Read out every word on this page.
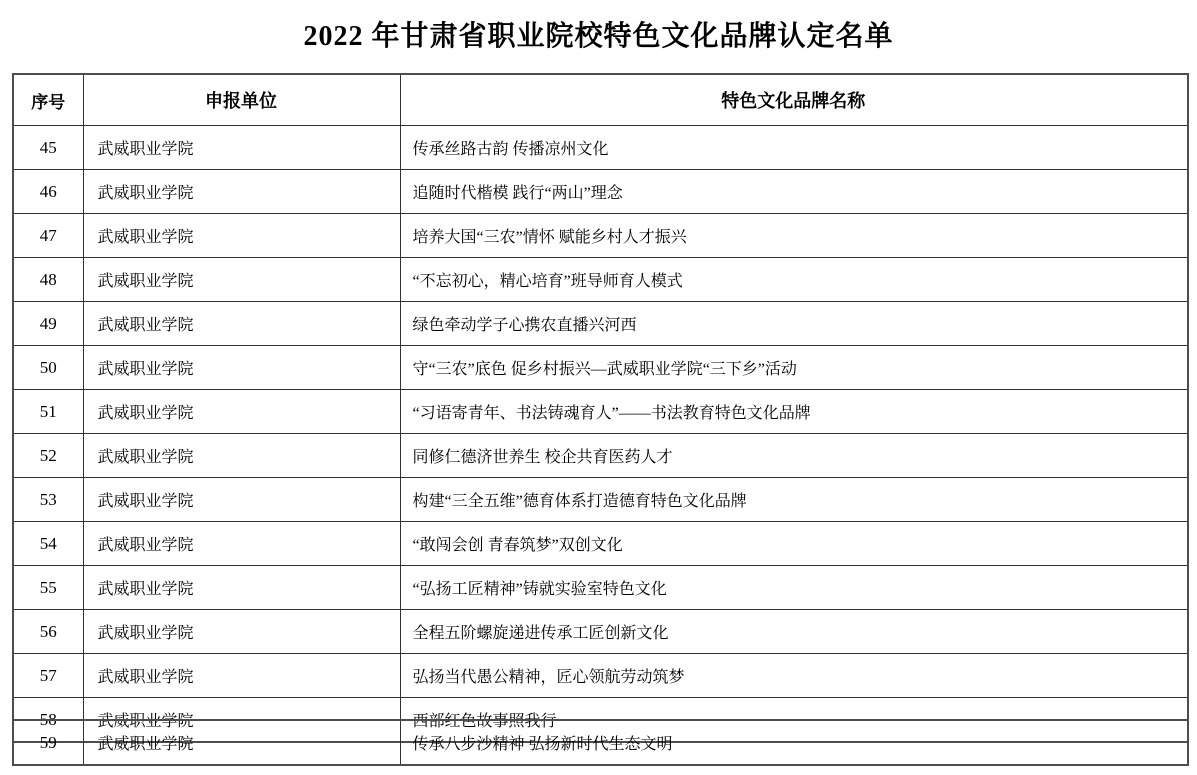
2022 年甘肃省职业院校特色文化品牌认定名单
序号	申报单位	特色文化品牌名称
45	武威职业学院	传承丝路古韵 传播凉州文化
46	武威职业学院	追随时代楷模 践行“两山”理念
47	武威职业学院	培养大国“三农”情怀 赋能乡村人才振兴
48	武威职业学院	“不忘初心，精心培育”班导师育人模式
49	武威职业学院	绿色牵动学子心携农直播兴河西
50	武威职业学院	守“三农”底色 促乡村振兴—武威职业学院“三下乡”活动
51	武威职业学院	“习语寄青年、书法铸魂育人”——书法教育特色文化品牌
52	武威职业学院	同修仁德济世养生 校企共育医药人才
53	武威职业学院	构建“三全五维”德育体系打造德育特色文化品牌
54	武威职业学院	“敢闯会创 青春筑梦”双创文化
55	武威职业学院	“弘扬工匠精神”铸就实验室特色文化
56	武威职业学院	全程五阶螺旋递进传承工匠创新文化
57	武威职业学院	弘扬当代愚公精神，匠心领航劳动筑梦
58	武威职业学院	西部红色故事照我行
59	武威职业学院	传承八步沙精神 弘扬新时代生态文明
